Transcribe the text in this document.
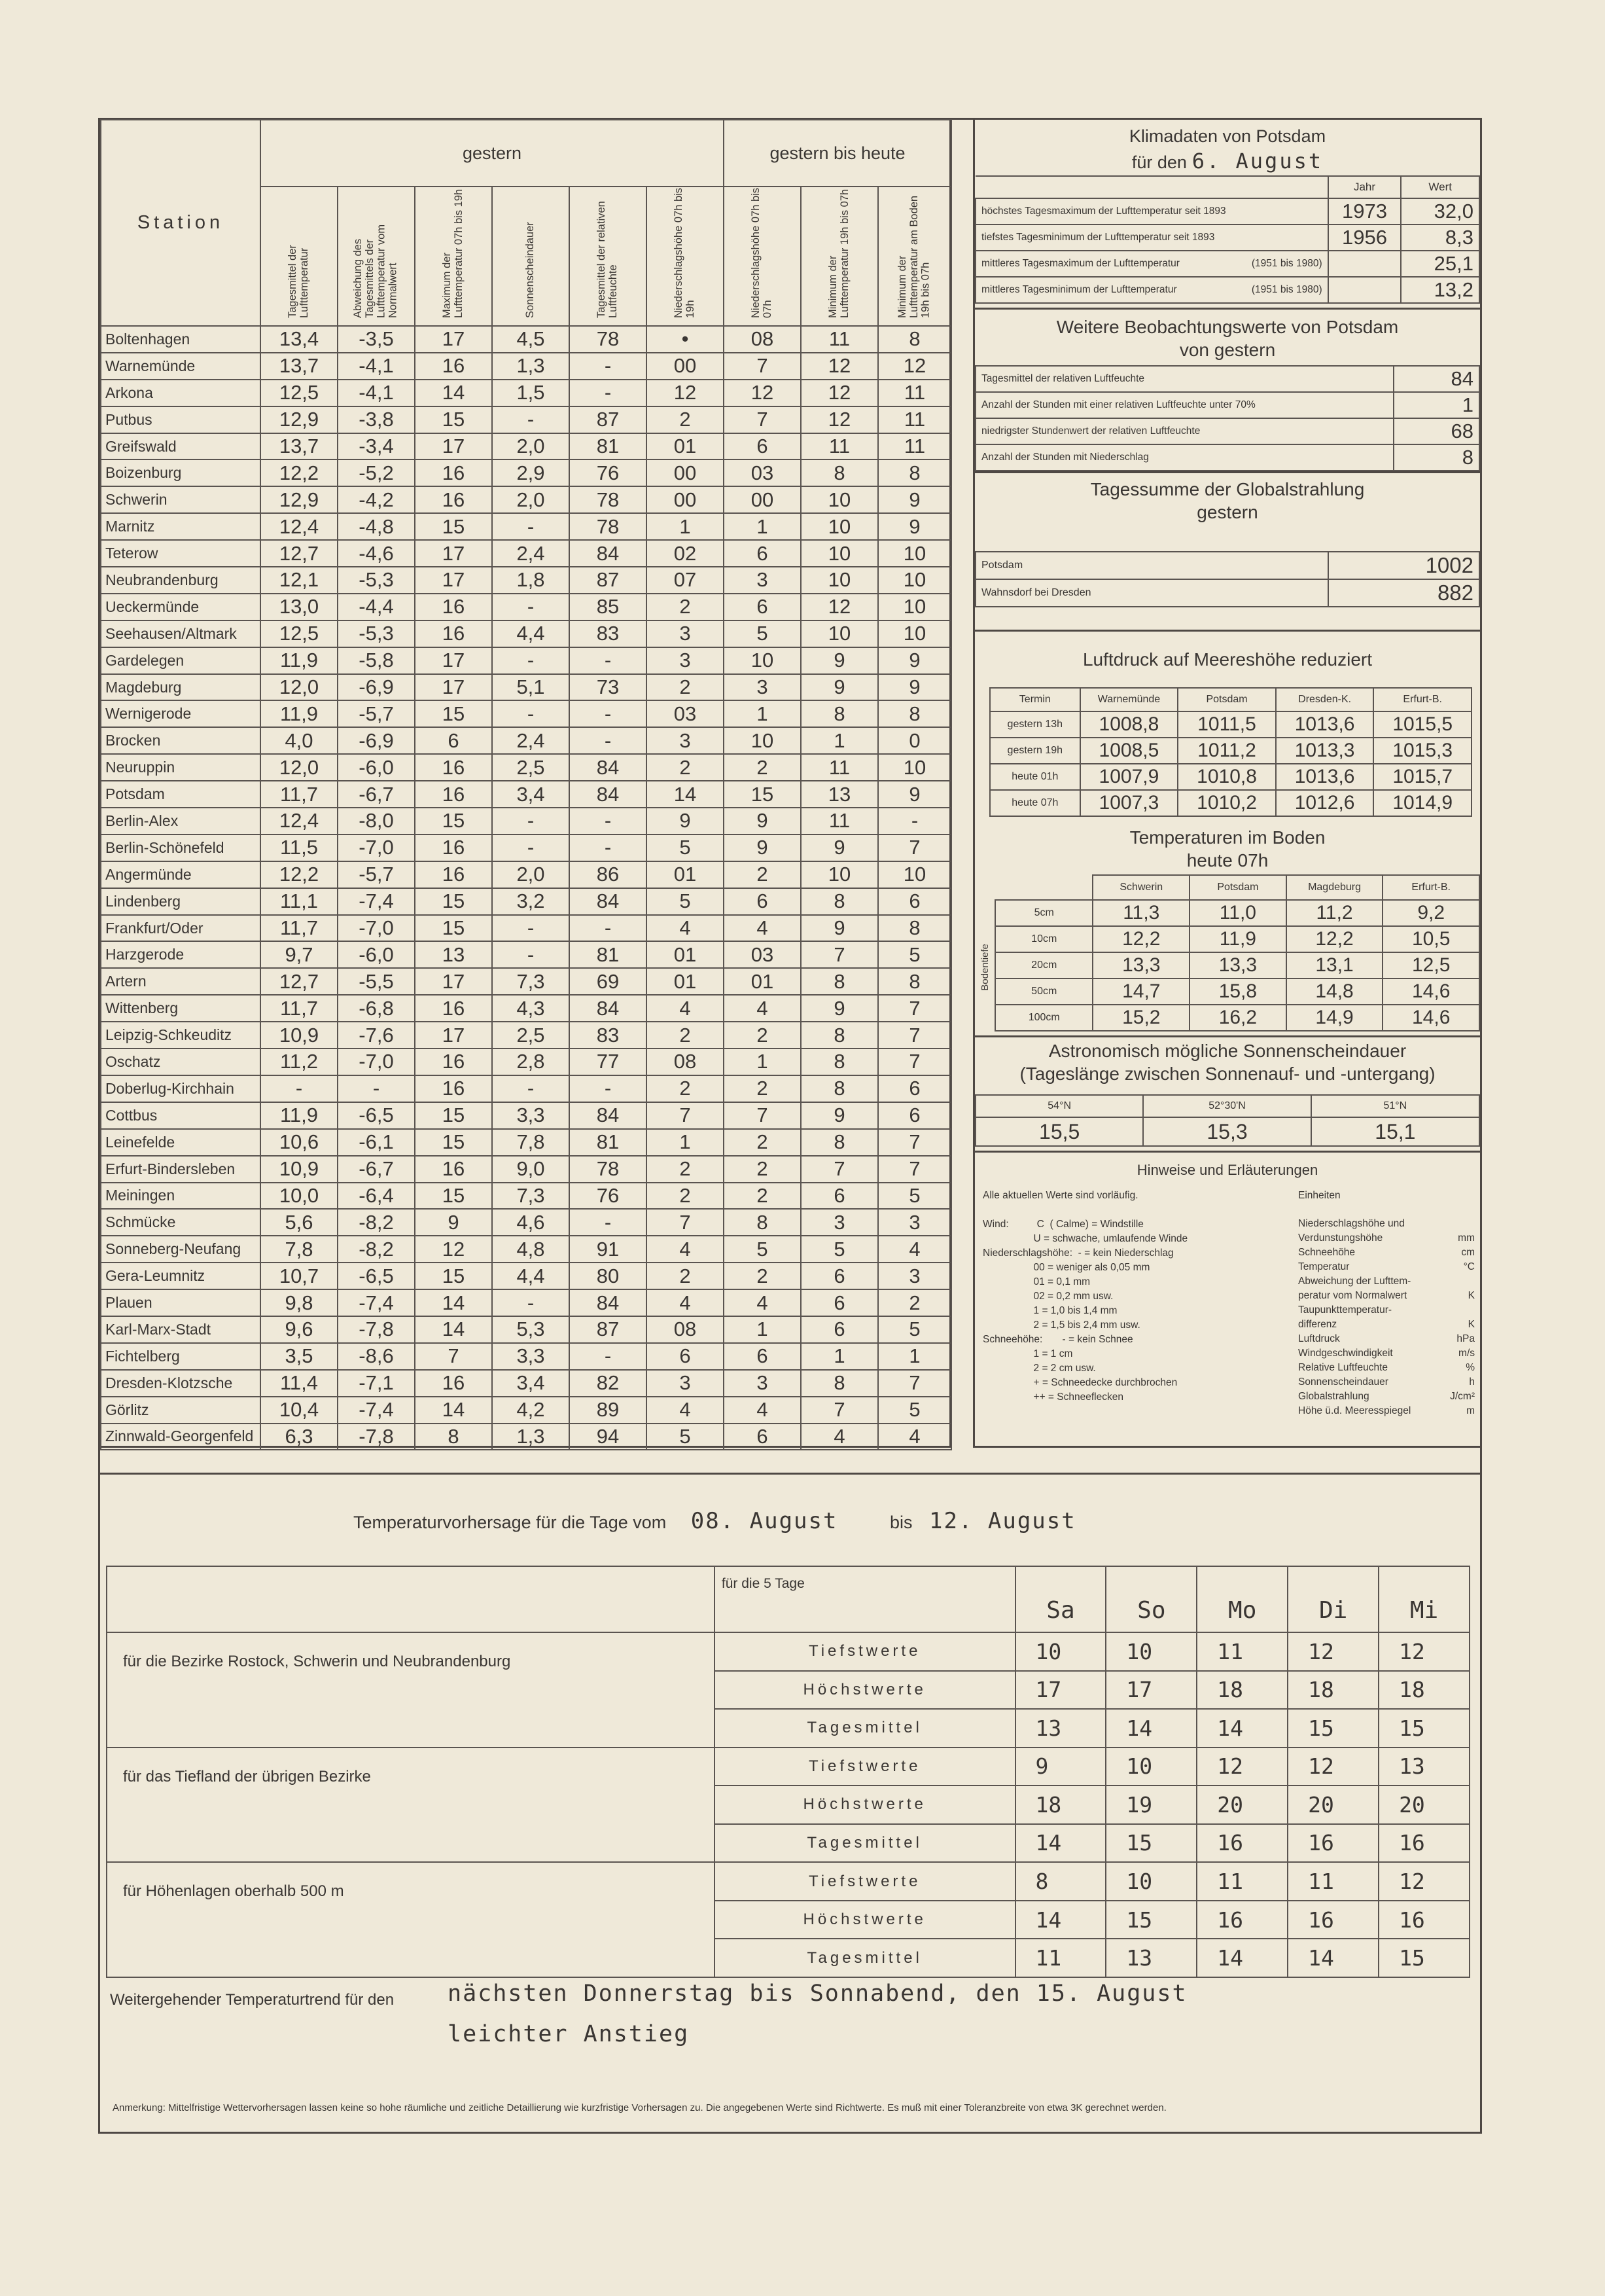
Station	gestern						gestern bis heute		
	Tagesmittel der Lufttemperatur	Abweichung des Tagesmittels der Lufttemperatur vom Normalwert	Maximum der Lufttemperatur 07h bis 19h	Sonnenscheindauer	Tagesmittel der relativen Luftfeuchte	Niederschlagshöhe 07h bis 19h	Niederschlagshöhe 07h bis 07h	Minimum der Lufttemperatur 19h bis 07h	Minimum der Lufttemperatur am Boden 19h bis 07h
Boltenhagen	13,4	-3,5	17	4,5	78	•	08	11	8
Warnemünde	13,7	-4,1	16	1,3	-	00	7	12	12
Arkona	12,5	-4,1	14	1,5	-	12	12	12	11
Putbus	12,9	-3,8	15	-	87	2	7	12	11
Greifswald	13,7	-3,4	17	2,0	81	01	6	11	11
Boizenburg	12,2	-5,2	16	2,9	76	00	03	8	8
Schwerin	12,9	-4,2	16	2,0	78	00	00	10	9
Marnitz	12,4	-4,8	15	-	78	1	1	10	9
Teterow	12,7	-4,6	17	2,4	84	02	6	10	10
Neubrandenburg	12,1	-5,3	17	1,8	87	07	3	10	10
Ueckermünde	13,0	-4,4	16	-	85	2	6	12	10
Seehausen/Altmark	12,5	-5,3	16	4,4	83	3	5	10	10
Gardelegen	11,9	-5,8	17	-	-	3	10	9	9
Magdeburg	12,0	-6,9	17	5,1	73	2	3	9	9
Wernigerode	11,9	-5,7	15	-	-	03	1	8	8
Brocken	4,0	-6,9	6	2,4	-	3	10	1	0
Neuruppin	12,0	-6,0	16	2,5	84	2	2	11	10
Potsdam	11,7	-6,7	16	3,4	84	14	15	13	9
Berlin-Alex	12,4	-8,0	15	-	-	9	9	11	-
Berlin-Schönefeld	11,5	-7,0	16	-	-	5	9	9	7
Angermünde	12,2	-5,7	16	2,0	86	01	2	10	10
Lindenberg	11,1	-7,4	15	3,2	84	5	6	8	6
Frankfurt/Oder	11,7	-7,0	15	-	-	4	4	9	8
Harzgerode	9,7	-6,0	13	-	81	01	03	7	5
Artern	12,7	-5,5	17	7,3	69	01	01	8	8
Wittenberg	11,7	-6,8	16	4,3	84	4	4	9	7
Leipzig-Schkeuditz	10,9	-7,6	17	2,5	83	2	2	8	7
Oschatz	11,2	-7,0	16	2,8	77	08	1	8	7
Doberlug-Kirchhain	-	-	16	-	-	2	2	8	6
Cottbus	11,9	-6,5	15	3,3	84	7	7	9	6
Leinefelde	10,6	-6,1	15	7,8	81	1	2	8	7
Erfurt-Bindersleben	10,9	-6,7	16	9,0	78	2	2	7	7
Meiningen	10,0	-6,4	15	7,3	76	2	2	6	5
Schmücke	5,6	-8,2	9	4,6	-	7	8	3	3
Sonneberg-Neufang	7,8	-8,2	12	4,8	91	4	5	5	4
Gera-Leumnitz	10,7	-6,5	15	4,4	80	2	2	6	3
Plauen	9,8	-7,4	14	-	84	4	4	6	2
Karl-Marx-Stadt	9,6	-7,8	14	5,3	87	08	1	6	5
Fichtelberg	3,5	-8,6	7	3,3	-	6	6	1	1
Dresden-Klotzsche	11,4	-7,1	16	3,4	82	3	3	8	7
Görlitz	10,4	-7,4	14	4,2	89	4	4	7	5
Zinnwald-Georgenfeld	6,3	-7,8	8	1,3	94	5	6	4	4
Klimadaten von Potsdam
für den 6. August
	Jahr	Wert
höchstes Tagesmaximum der Lufttemperatur seit 1893	1973	32,0
tiefstes Tagesminimum der Lufttemperatur seit 1893	1956	8,3
mittleres Tagesmaximum der Lufttemperatur (1951 bis 1980)		25,1
mittleres Tagesminimum der Lufttemperatur (1951 bis 1980)		13,2
Weitere Beobachtungswerte von Potsdam
von gestern
Tagesmittel der relativen Luftfeuchte	84
Anzahl der Stunden mit einer relativen Luftfeuchte unter 70%	1
niedrigster Stundenwert der relativen Luftfeuchte	68
Anzahl der Stunden mit Niederschlag	8
Tagessumme der Globalstrahlung
gestern
Potsdam	1002
Wahnsdorf bei Dresden	882
Luftdruck auf Meereshöhe reduziert
Termin	Warnemünde	Potsdam	Dresden-K.	Erfurt-B.
gestern 13h	1008,8	1011,5	1013,6	1015,5
gestern 19h	1008,5	1011,2	1013,3	1015,3
heute 01h	1007,9	1010,8	1013,6	1015,7
heute 07h	1007,3	1010,2	1012,6	1014,9
Temperaturen im Boden
heute 07h
Bodentiefe
	Schwerin	Potsdam	Magdeburg	Erfurt-B.
5cm	11,3	11,0	11,2	9,2
10cm	12,2	11,9	12,2	10,5
20cm	13,3	13,3	13,1	12,5
50cm	14,7	15,8	14,8	14,6
100cm	15,2	16,2	14,9	14,6
Astronomisch mögliche Sonnenscheindauer
(Tageslänge zwischen Sonnenauf- und -untergang)
54°N	52°30'N	51°N
15,5	15,3	15,1
Hinweise und Erläuterungen
Alle aktuellen Werte sind vorläufig.
Wind:          C  ( Calme) = Windstille
U = schwache, umlaufende Winde
Niederschlagshöhe:  - = kein Niederschlag
00 = weniger als 0,05 mm
01 = 0,1 mm
02 = 0,2 mm usw.
1 = 1,0 bis 1,4 mm
2 = 1,5 bis 2,4 mm usw.
Schneehöhe:       - = kein Schnee
1 = 1 cm
2 = 2 cm usw.
+ = Schneedecke durchbrochen
++ = Schneeflecken
Einheiten
Niederschlagshöhe und
Verdunstungshöhe	mm
Schneehöhe	cm
Temperatur	°C
Abweichung der Lufttem-
peratur vom Normalwert	K
Taupunkttemperatur-
differenz	K
Luftdruck	hPa
Windgeschwindigkeit	m/s
Relative Luftfeuchte	%
Sonnenscheindauer	h
Globalstrahlung	J/cm²
Höhe ü.d. Meeresspiegel	m
Temperaturvorhersage für die Tage vom 08. August	bis 12. August
	für die 5 Tage	Sa	So	Mo	Di	Mi
für die Bezirke Rostock, Schwerin und Neubrandenburg	Tiefstwerte	10	10	11	12	12
	Höchstwerte	17	17	18	18	18
	Tagesmittel	13	14	14	15	15
für das Tiefland der übrigen Bezirke	Tiefstwerte	9	10	12	12	13
	Höchstwerte	18	19	20	20	20
	Tagesmittel	14	15	16	16	16
für Höhenlagen oberhalb 500 m	Tiefstwerte	8	10	11	11	12
	Höchstwerte	14	15	16	16	16
	Tagesmittel	11	13	14	14	15
Weitergehender Temperaturtrend für den nächsten Donnerstag bis Sonnabend, den 15. August
leichter Anstieg
Anmerkung: Mittelfristige Wettervorhersagen lassen keine so hohe räumliche und zeitliche Detaillierung wie kurzfristige Vorhersagen zu. Die angegebenen Werte sind Richtwerte. Es muß mit einer Toleranzbreite von etwa 3K gerechnet werden.
